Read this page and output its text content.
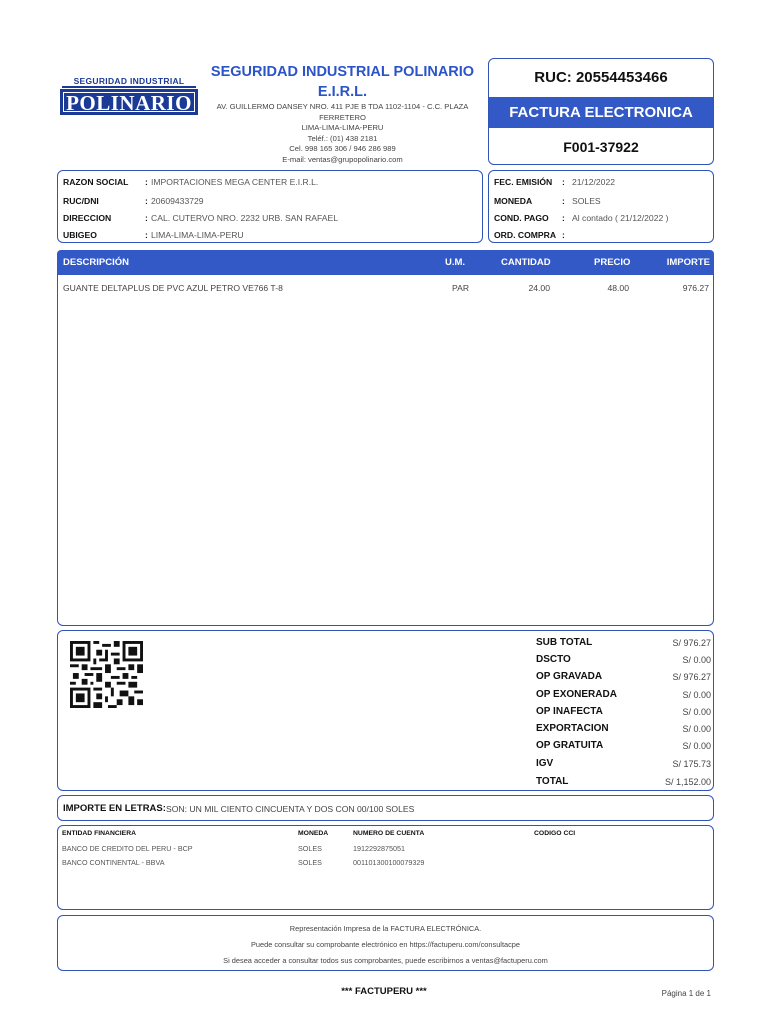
SEGURIDAD INDUSTRIAL
POLINARIO
SEGURIDAD INDUSTRIAL POLINARIO E.I.R.L.
AV. GUILLERMO DANSEY NRO. 411 PJE B TDA 1102-1104 - C.C. PLAZA FERRETERO
LIMA-LIMA-LIMA-PERU
Teléf.: (01) 438 2181
Cel. 998 165 306 / 946 286 989
E-mail: ventas@grupopolinario.com
RUC: 20554453466
FACTURA ELECTRONICA
F001-37922
RAZON SOCIAL : IMPORTACIONES MEGA CENTER E.I.R.L.
RUC/DNI	: 20609433729
DIRECCION	: CAL. CUTERVO NRO. 2232 URB. SAN RAFAEL
UBIGEO	: LIMA-LIMA-LIMA-PERU
FEC. EMISIÓN : 21/12/2022
MONEDA	: SOLES
COND. PAGO : Al contado ( 21/12/2022 )
ORD. COMPRA :
DESCRIPCIÓN	U.M.	CANTIDAD	PRECIO	IMPORTE
GUANTE DELTAPLUS DE PVC AZUL PETRO VE766 T-8	PAR	24.00	48.00	976.27
SUB TOTAL	S/ 976.27
DSCTO	S/ 0.00
OP GRAVADA	S/ 976.27
OP EXONERADA	S/ 0.00
OP INAFECTA	S/ 0.00
EXPORTACION	S/ 0.00
OP GRATUITA	S/ 0.00
IGV	S/ 175.73
TOTAL	S/ 1,152.00
IMPORTE EN LETRAS: SON: UN MIL CIENTO CINCUENTA Y DOS CON 00/100 SOLES
ENTIDAD FINANCIERA	MONEDA	NUMERO DE CUENTA	CODIGO CCI
BANCO DE CREDITO DEL PERU - BCP	SOLES	1912292875051
BANCO CONTINENTAL - BBVA	SOLES	001101300100079329
Representación Impresa de la FACTURA ELECTRÓNICA.
Puede consultar su comprobante electrónico en https://factuperu.com/consultacpe
Si desea acceder a consultar todos sus comprobantes, puede escribirnos a ventas@factuperu.com
*** FACTUPERU ***	Página 1 de 1
